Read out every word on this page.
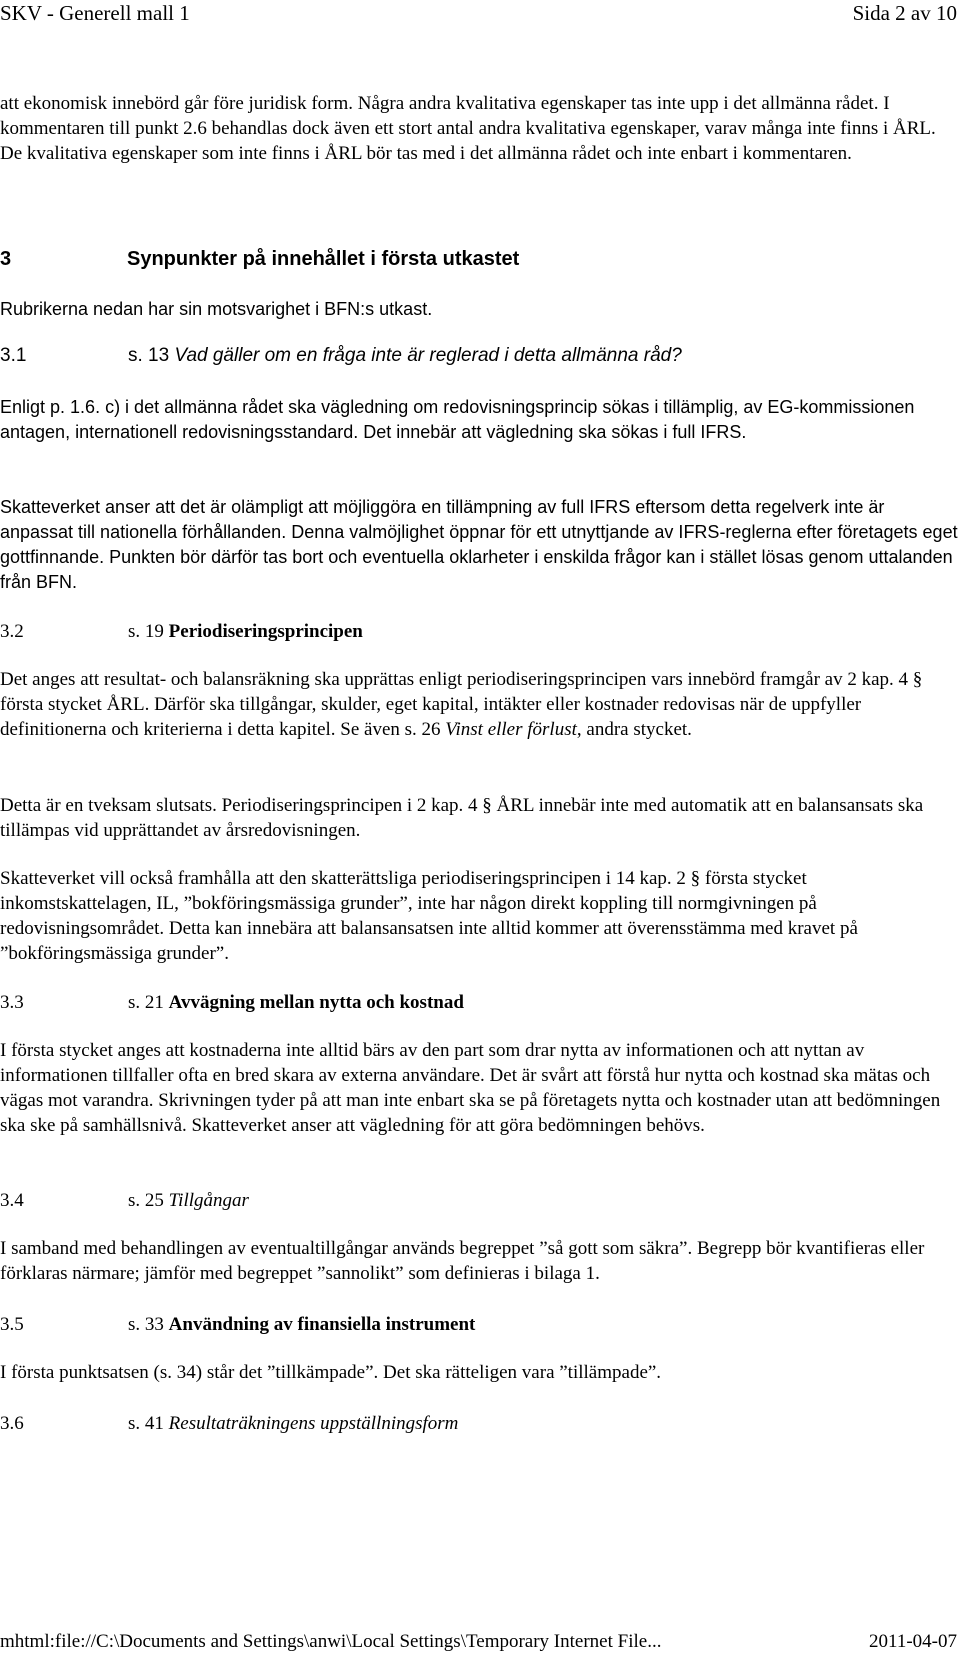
SKV - Generell mall 1	Sida 2 av 10

att ekonomisk innebörd går före juridisk form. Några andra kvalitativa egenskaper tas inte upp i det allmänna rådet. I kommentaren till punkt 2.6 behandlas dock även ett stort antal andra kvalitativa egenskaper, varav många inte finns i ÅRL. De kvalitativa egenskaper som inte finns i ÅRL bör tas med i det allmänna rådet och inte enbart i kommentaren.

3	Synpunkter på innehållet i första utkastet

Rubrikerna nedan har sin motsvarighet i BFN:s utkast.

3.1	s. 13 Vad gäller om en fråga inte är reglerad i detta allmänna råd?

Enligt p. 1.6. c) i det allmänna rådet ska vägledning om redovisningsprincip sökas i tillämplig, av EG-kommissionen antagen, internationell redovisningsstandard. Det innebär att vägledning ska sökas i full IFRS.

Skatteverket anser att det är olämpligt att möjliggöra en tillämpning av full IFRS eftersom detta regelverk inte är anpassat till nationella förhållanden. Denna valmöjlighet öppnar för ett utnyttjande av IFRS-reglerna efter företagets eget gottfinnande. Punkten bör därför tas bort och eventuella oklarheter i enskilda frågor kan i stället lösas genom uttalanden från BFN.

3.2	s. 19 Periodiseringsprincipen

Det anges att resultat- och balansräkning ska upprättas enligt periodiseringsprincipen vars innebörd framgår av 2 kap. 4 § första stycket ÅRL. Därför ska tillgångar, skulder, eget kapital, intäkter eller kostnader redovisas när de uppfyller definitionerna och kriterierna i detta kapitel. Se även s. 26 Vinst eller förlust, andra stycket.

Detta är en tveksam slutsats. Periodiseringsprincipen i 2 kap. 4 § ÅRL innebär inte med automatik att en balansansats ska tillämpas vid upprättandet av årsredovisningen.

Skatteverket vill också framhålla att den skatterättsliga periodiseringsprincipen i 14 kap. 2 § första stycket inkomstskattelagen, IL, ”bokföringsmässiga grunder”, inte har någon direkt koppling till normgivningen på redovisningsområdet. Detta kan innebära att balansansatsen inte alltid kommer att överensstämma med kravet på ”bokföringsmässiga grunder”.

3.3	s. 21 Avvägning mellan nytta och kostnad

I första stycket anges att kostnaderna inte alltid bärs av den part som drar nytta av informationen och att nyttan av informationen tillfaller ofta en bred skara av externa användare. Det är svårt att förstå hur nytta och kostnad ska mätas och vägas mot varandra. Skrivningen tyder på att man inte enbart ska se på företagets nytta och kostnader utan att bedömningen ska ske på samhällsnivå. Skatteverket anser att vägledning för att göra bedömningen behövs.

3.4	s. 25 Tillgångar

I samband med behandlingen av eventualtillgångar används begreppet ”så gott som säkra”. Begrepp bör kvantifieras eller förklaras närmare; jämför med begreppet ”sannolikt” som definieras i bilaga 1.

3.5	s. 33 Användning av finansiella instrument

I första punktsatsen (s. 34) står det ”tillkämpade”. Det ska rätteligen vara ”tillämpade”.

3.6	s. 41 Resultaträkningens uppställningsform
mhtml:file://C:\Documents and Settings\anwi\Local Settings\Temporary Internet File...	2011-04-07
